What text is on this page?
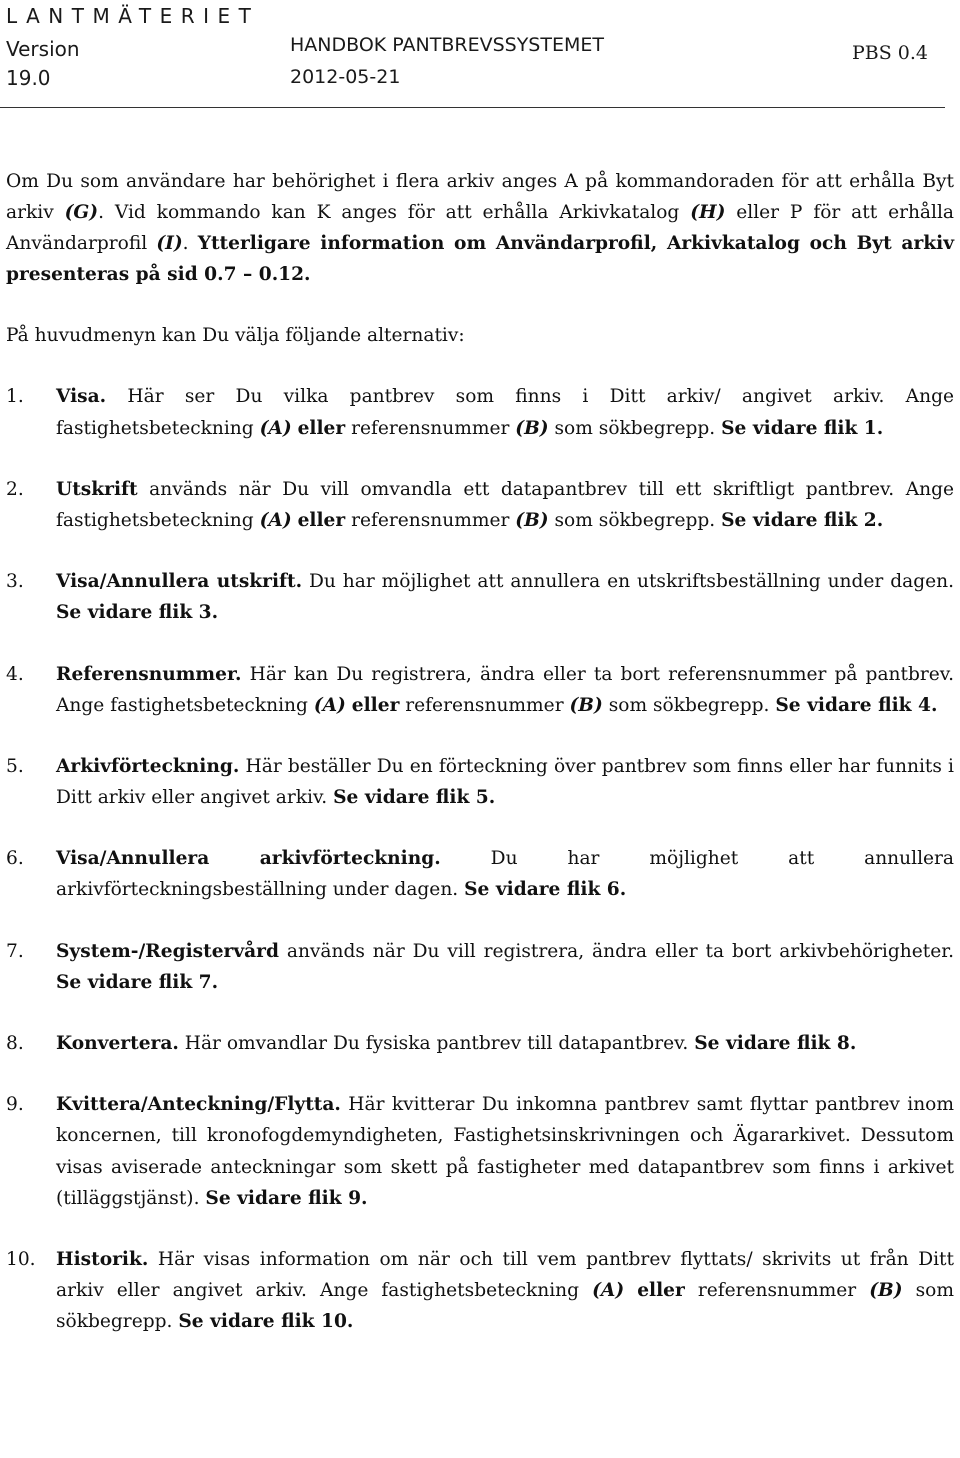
LANTMÄTERIET
Version
19.0
HANDBOK PANTBREVSSYSTEMET
2012-05-21
PBS 0.4

Om Du som användare har behörighet i flera arkiv anges A på kommandoraden för att erhålla Byt arkiv (G). Vid kommando kan K anges för att erhålla Arkivkatalog (H) eller P för att erhålla Användarprofil (I). Ytterligare information om Användarprofil, Arkivkatalog och Byt arkiv presenteras på sid 0.7 – 0.12.

På huvudmenyn kan Du välja följande alternativ:

1.	Visa. Här ser Du vilka pantbrev som finns i Ditt arkiv/ angivet arkiv. Ange fastighetsbeteckning (A) eller referensnummer (B) som sökbegrepp. Se vidare flik 1.
2.	Utskrift används när Du vill omvandla ett datapantbrev till ett skriftligt pantbrev. Ange fastighetsbeteckning (A) eller referensnummer (B) som sökbegrepp. Se vidare flik 2.
3.	Visa/Annullera utskrift. Du har möjlighet att annullera en utskriftsbeställning under dagen. Se vidare flik 3.
4.	Referensnummer. Här kan Du registrera, ändra eller ta bort referensnummer på pantbrev. Ange fastighetsbeteckning (A) eller referensnummer (B) som sökbegrepp. Se vidare flik 4.
5.	Arkivförteckning. Här beställer Du en förteckning över pantbrev som finns eller har funnits i Ditt arkiv eller angivet arkiv. Se vidare flik 5.
6.	Visa/Annullera arkivförteckning. Du har möjlighet att annullera arkivförteckningsbeställning under dagen. Se vidare flik 6.
7.	System-/Registervård används när Du vill registrera, ändra eller ta bort arkivbehörigheter. Se vidare flik 7.
8.	Konvertera. Här omvandlar Du fysiska pantbrev till datapantbrev. Se vidare flik 8.
9.	Kvittera/Anteckning/Flytta. Här kvitterar Du inkomna pantbrev samt flyttar pantbrev inom koncernen, till kronofogdemyndigheten, Fastighetsinskrivningen och Ägararkivet. Dessutom visas aviserade anteckningar som skett på fastigheter med datapantbrev som finns i arkivet (tilläggstjänst). Se vidare flik 9.
10.	Historik. Här visas information om när och till vem pantbrev flyttats/ skrivits ut från Ditt arkiv eller angivet arkiv. Ange fastighetsbeteckning (A) eller referensnummer (B) som sökbegrepp. Se vidare flik 10.
